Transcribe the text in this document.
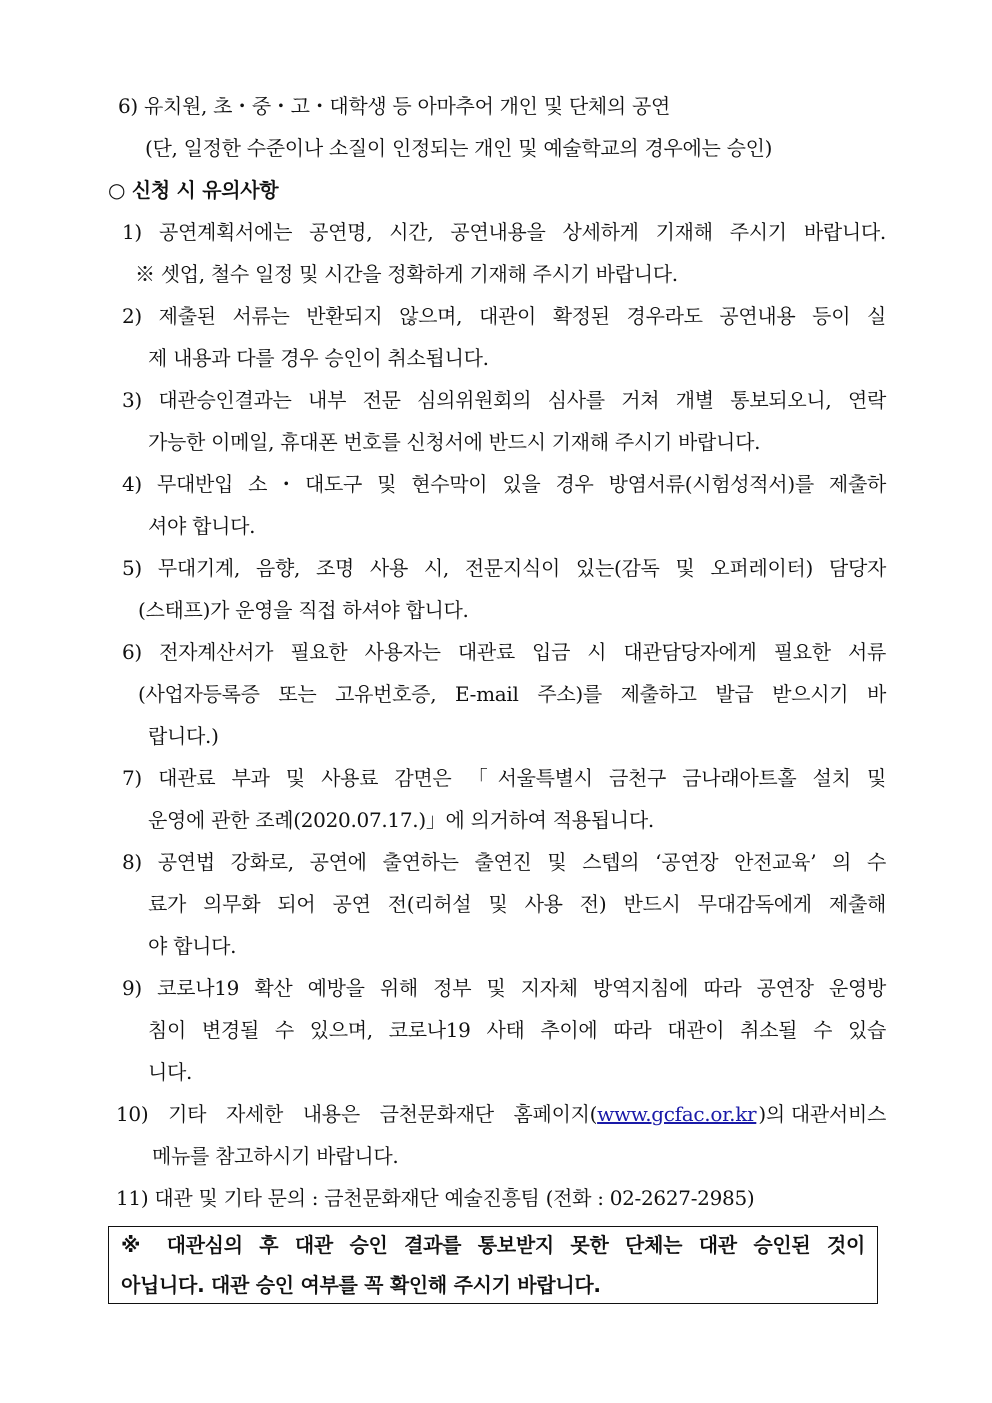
6) 유치원, 초・중・고・대학생 등 아마추어 개인 및 단체의 공연
(단, 일정한 수준이나 소질이 인정되는 개인 및 예술학교의 경우에는 승인)
○ 신청 시 유의사항
1) 공연계획서에는 공연명, 시간, 공연내용을 상세하게 기재해 주시기 바랍니다.
※ 셋업, 철수 일정 및 시간을 정확하게 기재해 주시기 바랍니다.
2) 제출된 서류는 반환되지 않으며, 대관이 확정된 경우라도 공연내용 등이 실
제 내용과 다를 경우 승인이 취소됩니다.
3) 대관승인결과는 내부 전문 심의위원회의 심사를 거쳐 개별 통보되오니, 연락
가능한 이메일, 휴대폰 번호를 신청서에 반드시 기재해 주시기 바랍니다.
4) 무대반입 소・대도구 및 현수막이 있을 경우 방염서류(시험성적서)를 제출하
셔야 합니다.
5) 무대기계, 음향, 조명 사용 시, 전문지식이 있는(감독 및 오퍼레이터) 담당자
(스태프)가 운영을 직접 하셔야 합니다.
6) 전자계산서가 필요한 사용자는 대관료 입금 시 대관담당자에게 필요한 서류
(사업자등록증 또는 고유번호증, E-mail 주소)를 제출하고 발급 받으시기 바
랍니다.)
7) 대관료 부과 및 사용료 감면은 「서울특별시 금천구 금나래아트홀 설치 및
운영에 관한 조례(2020.07.17.)」에 의거하여 적용됩니다.
8) 공연법 강화로, 공연에 출연하는 출연진 및 스텝의 ‘공연장 안전교육’ 의 수
료가 의무화 되어 공연 전(리허설 및 사용 전) 반드시 무대감독에게 제출해
야 합니다.
9) 코로나19 확산 예방을 위해 정부 및 지자체 방역지침에 따라 공연장 운영방
침이 변경될 수 있으며, 코로나19 사태 추이에 따라 대관이 취소될 수 있습
니다.
10) 기타 자세한 내용은 금천문화재단 홈페이지( www.gcfac.or.kr )의 대관서비스
메뉴를 참고하시기 바랍니다.
11) 대관 및 기타 문의 : 금천문화재단 예술진흥팀 (전화 : 02-2627-2985)
※ 대관심의 후 대관 승인 결과를 통보받지 못한 단체는 대관 승인된 것이
아닙니다. 대관 승인 여부를 꼭 확인해 주시기 바랍니다.
